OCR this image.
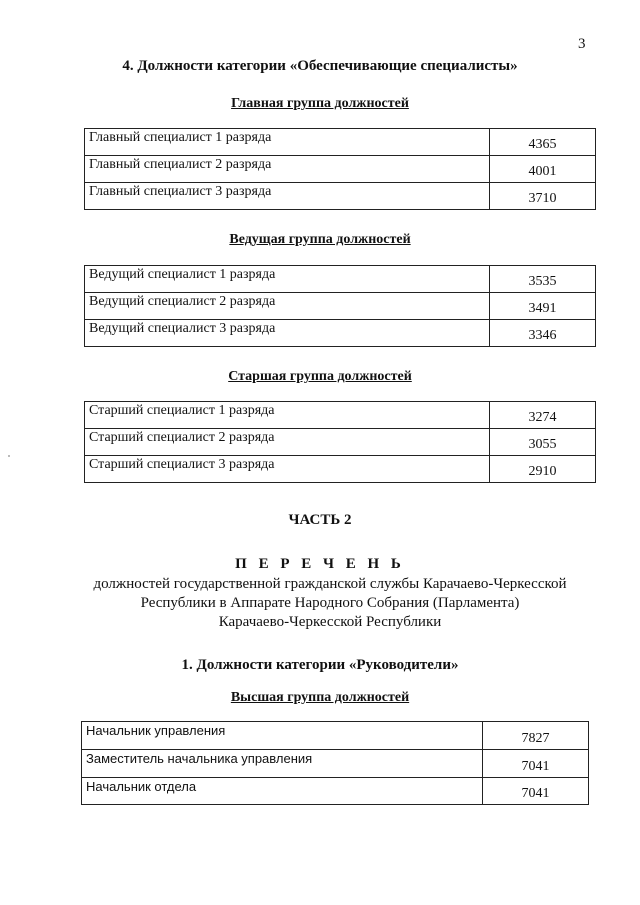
3
4. Должности категории «Обеспечивающие специалисты»
Главная группа должностей
Главный специалист 1 разряда	4365
Главный специалист 2 разряда	4001
Главный специалист 3 разряда	3710
Ведущая группа должностей
Ведущий специалист 1 разряда	3535
Ведущий специалист 2 разряда	3491
Ведущий специалист 3 разряда	3346
Старшая группа должностей
Старший специалист 1 разряда	3274
Старший специалист 2 разряда	3055
Старший специалист 3 разряда	2910
ЧАСТЬ 2
П Е Р Е Ч Е Н Ь
должностей государственной гражданской службы Карачаево-Черкесской
Республики в Аппарате Народного Собрания (Парламента)
Карачаево-Черкесской Республики
1. Должности категории «Руководители»
Высшая группа должностей
Начальник управления	7827
Заместитель начальника управления	7041
Начальник отдела	7041
